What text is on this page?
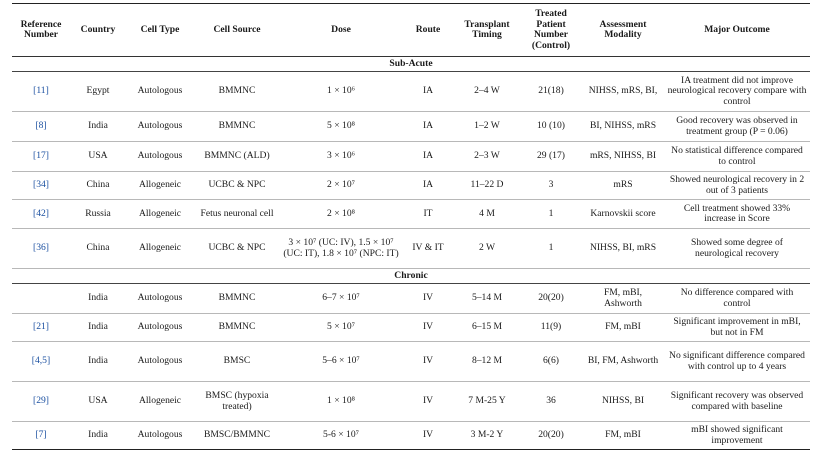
Reference Number	Country	Cell Type	Cell Source	Dose	Route	Transplant Timing	Treated Patient Number (Control)	Assessment Modality	Major Outcome
Sub-Acute									
[11]	Egypt	Autologous	BMMNC	1 × 10⁶	IA	2–4 W	21(18)	NIHSS, mRS, BI,	IA treatment did not improve neurological recovery compare with control
[8]	India	Autologous	BMMNC	5 × 10⁸	IA	1–2 W	10 (10)	BI, NIHSS, mRS	Good recovery was observed in treatment group (P = 0.06)
[17]	USA	Autologous	BMMNC (ALD)	3 × 10⁶	IA	2–3 W	29 (17)	mRS, NIHSS, BI	No statistical difference compared to control
[34]	China	Allogeneic	UCBC & NPC	2 × 10⁷	IA	11–22 D	3	mRS	Showed neurological recovery in 2 out of 3 patients
[42]	Russia	Allogeneic	Fetus neuronal cell	2 × 10⁸	IT	4 M	1	Karnovskii score	Cell treatment showed 33% increase in Score
[36]	China	Allogeneic	UCBC & NPC	3 × 10⁷ (UC: IV), 1.5 × 10⁷ (UC: IT), 1.8 × 10⁷ (NPC: IT)	IV & IT	2 W	1	NIHSS, BI, mRS	Showed some degree of neurological recovery
Chronic									
	India	Autologous	BMMNC	6–7 × 10⁷	IV	5–14 M	20(20)	FM, mBI, Ashworth	No difference compared with control
[21]	India	Autologous	BMMNC	5 × 10⁷	IV	6–15 M	11(9)	FM, mBI	Significant improvement in mBI, but not in FM
[4,5]	India	Autologous	BMSC	5–6 × 10⁷	IV	8–12 M	6(6)	BI, FM, Ashworth	No significant difference compared with control up to 4 years
[29]	USA	Allogeneic	BMSC (hypoxia treated)	1 × 10⁸	IV	7 M-25 Y	36	NIHSS, BI	Significant recovery was observed compared with baseline
[7]	India	Autologous	BMSC/BMMNC	5-6 × 10⁷	IV	3 M-2 Y	20(20)	FM, mBI	mBI showed significant improvement
